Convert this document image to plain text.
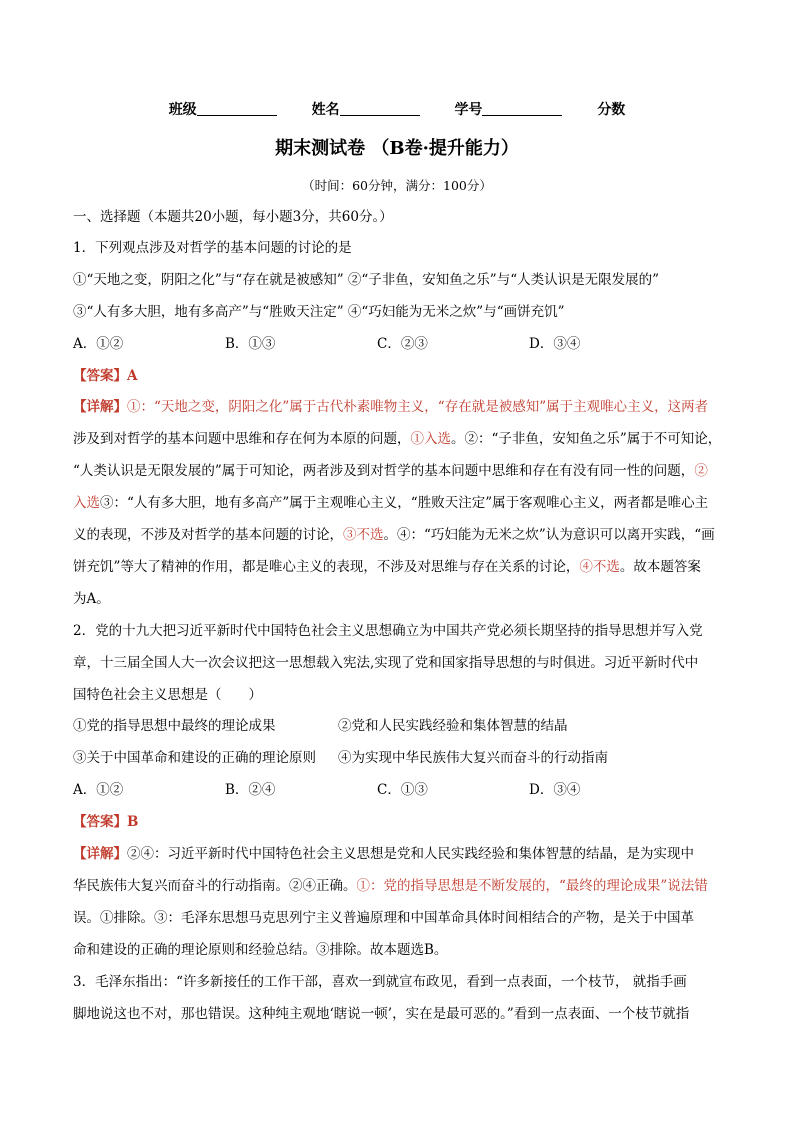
班级	姓名	学号	分数
期末测试卷 （B卷·提升能力）
（时间：60分钟，满分：100分）
一、选择题（本题共20小题，每小题3分，共60分。）
1．下列观点涉及对哲学的基本问题的讨论的是
①“天地之变，阴阳之化”与“存在就是被感知” ②“子非鱼，安知鱼之乐”与“人类认识是无限发展的”
③“人有多大胆，地有多高产”与“胜败天注定” ④“巧妇能为无米之炊”与“画饼充饥”
A．①②	B．①③	C．②③	D．③④
【答案】A
【详解】①：“天地之变，阴阳之化”属于古代朴素唯物主义，“存在就是被感知”属于主观唯心主义，这两者
涉及到对哲学的基本问题中思维和存在何为本原的问题，①入选。②：“子非鱼，安知鱼之乐”属于不可知论，
“人类认识是无限发展的”属于可知论，两者涉及到对哲学的基本问题中思维和存在有没有同一性的问题，②
入选③：“人有多大胆，地有多高产”属于主观唯心主义，“胜败天注定”属于客观唯心主义，两者都是唯心主
义的表现，不涉及对哲学的基本问题的讨论，③不选。④：“巧妇能为无米之炊”认为意识可以离开实践，“画
饼充饥”等大了精神的作用，都是唯心主义的表现，不涉及对思维与存在关系的讨论，④不选。故本题答案
为A。
2．党的十九大把习近平新时代中国特色社会主义思想确立为中国共产党必须长期坚持的指导思想并写入党
章，十三届全国人大一次会议把这一思想载入宪法,实现了党和国家指导思想的与时俱进。习近平新时代中
国特色社会主义思想是（　　）
①党的指导思想中最终的理论成果	②党和人民实践经验和集体智慧的结晶
③关于中国革命和建设的正确的理论原则 ④为实现中华民族伟大复兴而奋斗的行动指南
A．①②	B．②④	C．①③	D．③④
【答案】B
【详解】②④：习近平新时代中国特色社会主义思想是党和人民实践经验和集体智慧的结晶，是为实现中
华民族伟大复兴而奋斗的行动指南。②④正确。①：党的指导思想是不断发展的，“最终的理论成果”说法错
误。①排除。③：毛泽东思想马克思列宁主义普遍原理和中国革命具体时间相结合的产物，是关于中国革
命和建设的正确的理论原则和经验总结。③排除。故本题选B。
3．毛泽东指出：“许多新接任的工作干部，喜欢一到就宣布政见，看到一点表面，一个枝节， 就指手画
脚地说这也不对，那也错误。这种纯主观地‘瞎说一顿’，实在是最可恶的。”看到一点表面、一个枝节就指
